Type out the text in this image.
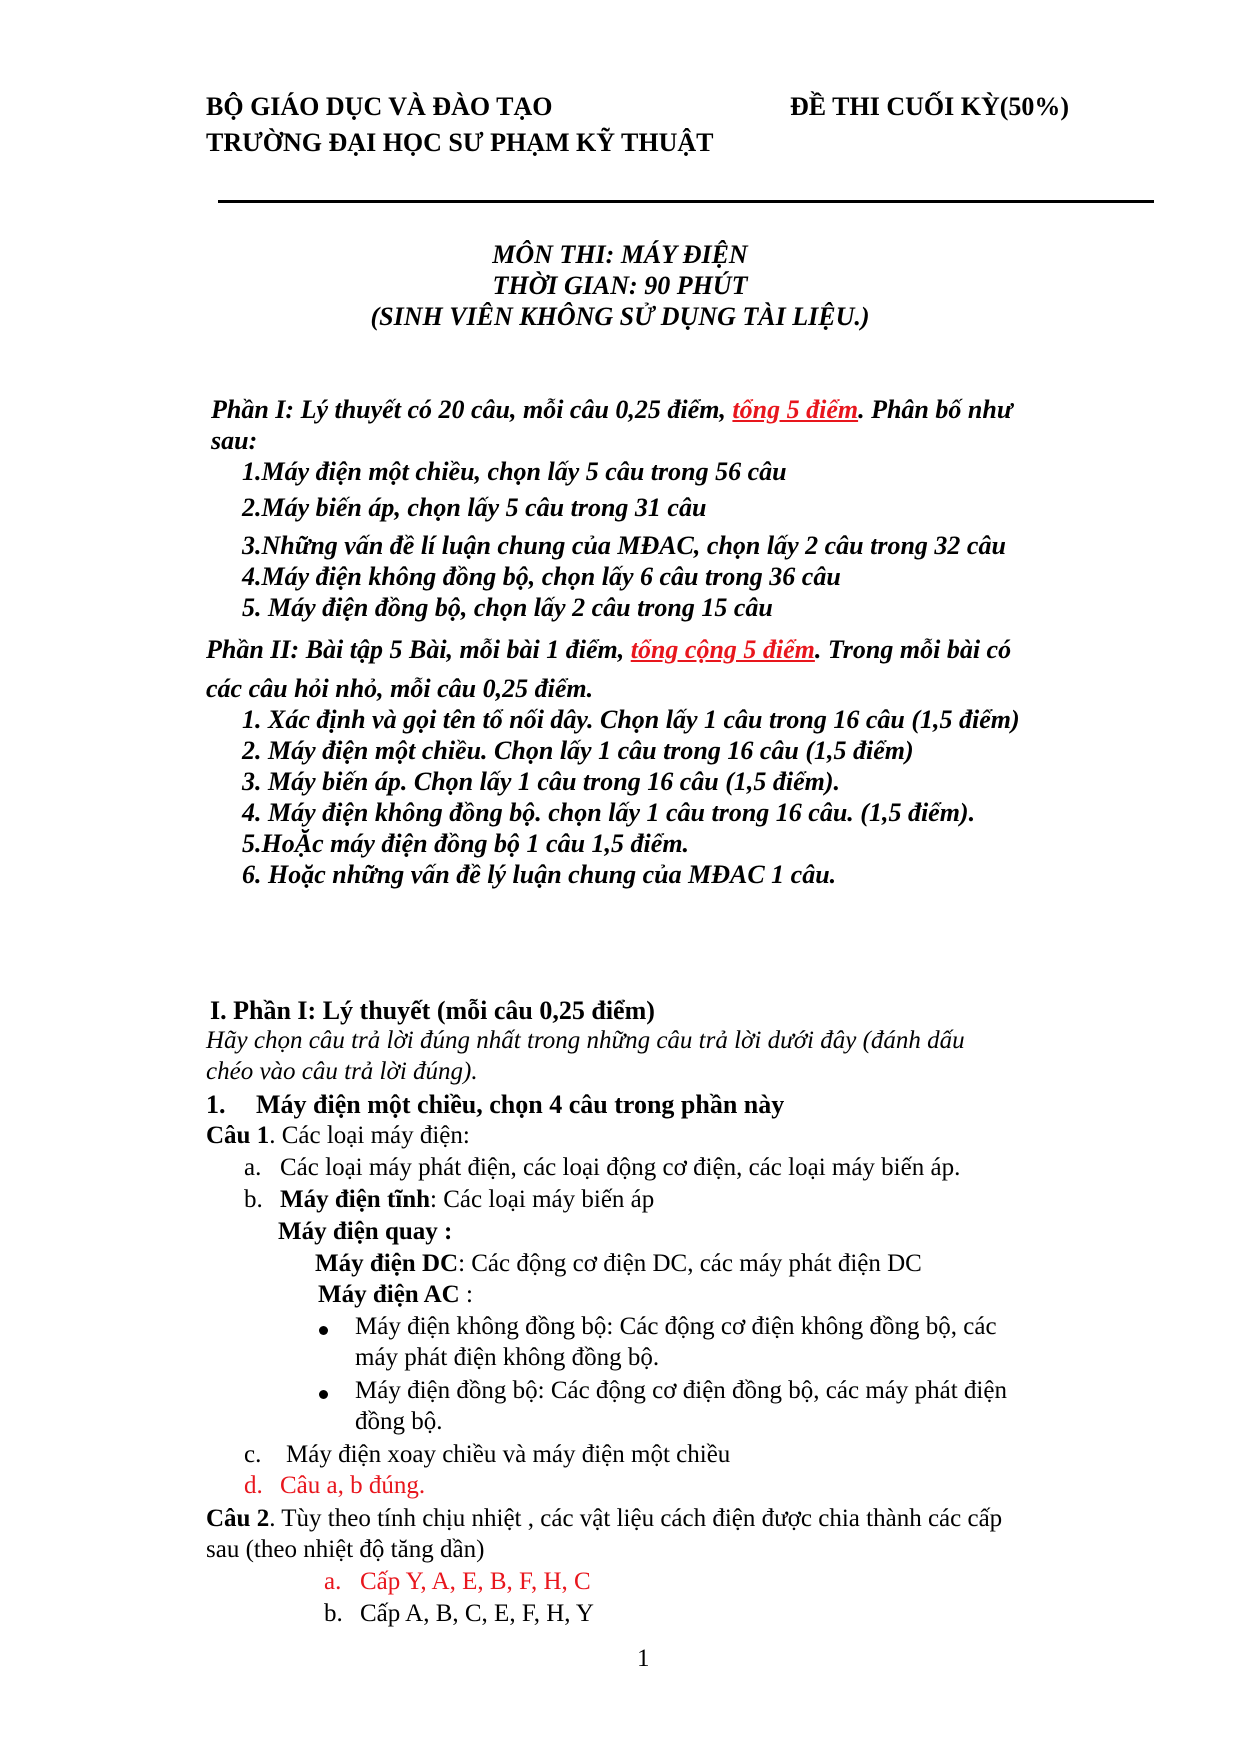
BỘ GIÁO DỤC VÀ ĐÀO TẠO	ĐỀ THI CUỐI KỲ(50%)
TRƯỜNG ĐẠI HỌC SƯ PHẠM KỸ THUẬT
MÔN THI: MÁY ĐIỆN
THỜI GIAN: 90 PHÚT
(SINH VIÊN KHÔNG SỬ DỤNG TÀI LIỆU.)
Phần I: Lý thuyết có 20 câu, mỗi câu 0,25 điểm, tổng 5 điểm. Phân bố như
sau:
1.Máy điện một chiều, chọn lấy 5 câu trong 56 câu
2.Máy biến áp, chọn lấy 5 câu trong 31 câu
3.Những vấn đề lí luận chung của MĐAC, chọn lấy 2 câu trong 32 câu
4.Máy điện không đồng bộ, chọn lấy 6 câu trong 36 câu
5. Máy điện đồng bộ, chọn lấy 2 câu trong 15 câu
Phần II: Bài tập 5 Bài, mỗi bài 1 điểm, tổng cộng 5 điểm. Trong mỗi bài có
các câu hỏi nhỏ, mỗi câu 0,25 điểm.
1. Xác định và gọi tên tổ nối dây. Chọn lấy 1 câu trong 16 câu (1,5 điểm)
2. Máy điện một chiều. Chọn lấy 1 câu trong 16 câu (1,5 điểm)
3. Máy biến áp. Chọn lấy 1 câu trong 16 câu (1,5 điểm).
4. Máy điện không đồng bộ. chọn lấy 1 câu trong 16 câu. (1,5 điểm).
5.HoẶc máy điện đồng bộ 1 câu 1,5 điểm.
6. Hoặc những vấn đề lý luận chung của MĐAC 1 câu.
I. Phần I: Lý thuyết (mỗi câu 0,25 điểm)
Hãy chọn câu trả lời đúng nhất trong những câu trả lời dưới đây (đánh dấu
chéo vào câu trả lời đúng).
1. Máy điện một chiều, chọn 4 câu trong phần này
Câu 1. Các loại máy điện:
a. Các loại máy phát điện, các loại động cơ điện, các loại máy biến áp.
b. Máy điện tĩnh: Các loại máy biến áp
Máy điện quay :
Máy điện DC: Các động cơ điện DC, các máy phát điện DC
Máy điện AC :
Máy điện không đồng bộ: Các động cơ điện không đồng bộ, các
máy phát điện không đồng bộ.
Máy điện đồng bộ: Các động cơ điện đồng bộ, các máy phát điện
đồng bộ.
c. Máy điện xoay chiều và máy điện một chiều
d. Câu a, b đúng.
Câu 2. Tùy theo tính chịu nhiệt , các vật liệu cách điện được chia thành các cấp
sau (theo nhiệt độ tăng dần)
a. Cấp Y, A, E, B, F, H, C
b. Cấp A, B, C, E, F, H, Y
1
